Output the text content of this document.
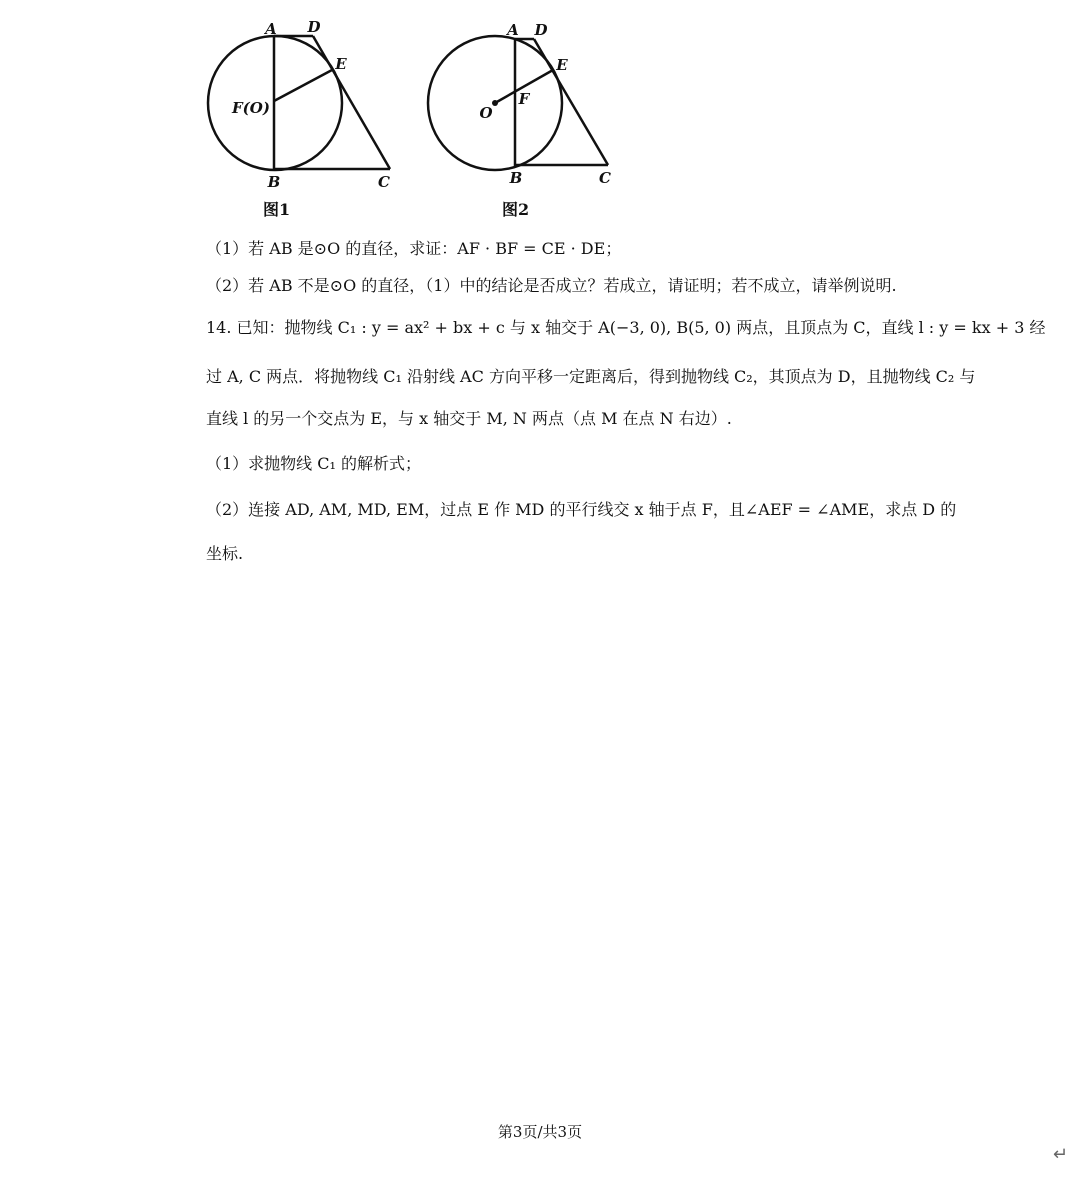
A D
E
F(O)
B	C
图1
A D
E
O
F
B	C
图2
（1）若 AB 是⊙O 的直径，求证：AF · BF = CE · DE；
（2）若 AB 不是⊙O 的直径，（1）中的结论是否成立？若成立，请证明；若不成立，请举例说明.
14. 已知：抛物线 C₁ : y = ax² + bx + c 与 x 轴交于 A(−3, 0), B(5, 0) 两点，且顶点为 C，直线 l : y = kx + 3 经
过 A, C 两点．将抛物线 C₁ 沿射线 AC 方向平移一定距离后，得到抛物线 C₂，其顶点为 D，且抛物线 C₂ 与
直线 l 的另一个交点为 E，与 x 轴交于 M, N 两点（点 M 在点 N 右边）.
（1）求抛物线 C₁ 的解析式；
（2）连接 AD, AM, MD, EM，过点 E 作 MD 的平行线交 x 轴于点 F，且∠AEF = ∠AME，求点 D 的
坐标.
第3页/共3页
↵
